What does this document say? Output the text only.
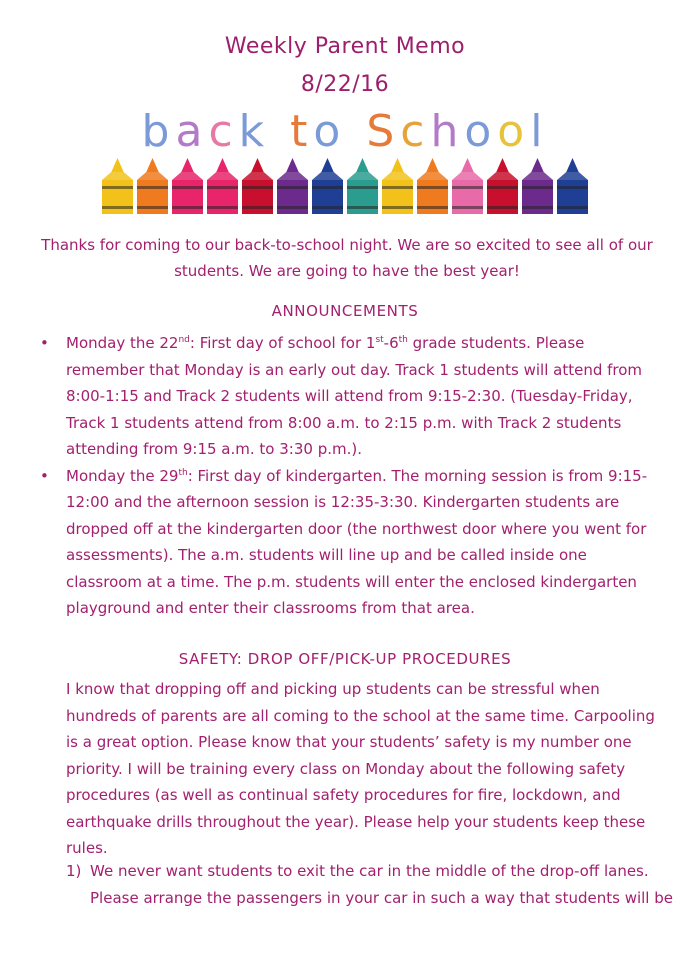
Weekly Parent Memo
8/22/16
back to School
Thanks for coming to our back-to-school night. We are so excited to see all of our students. We are going to have the best year!
ANNOUNCEMENTS
• Monday the 22nd: First day of school for 1st-6th grade students. Please remember that Monday is an early out day. Track 1 students will attend from 8:00-1:15 and Track 2 students will attend from 9:15-2:30. (Tuesday-Friday, Track 1 students attend from 8:00 a.m. to 2:15 p.m. with Track 2 students attending from 9:15 a.m. to 3:30 p.m.).
• Monday the 29th: First day of kindergarten. The morning session is from 9:15-12:00 and the afternoon session is 12:35-3:30. Kindergarten students are dropped off at the kindergarten door (the northwest door where you went for assessments). The a.m. students will line up and be called inside one classroom at a time. The p.m. students will enter the enclosed kindergarten playground and enter their classrooms from that area.
SAFETY: DROP OFF/PICK-UP PROCEDURES
I know that dropping off and picking up students can be stressful when hundreds of parents are all coming to the school at the same time. Carpooling is a great option. Please know that your students’ safety is my number one priority. I will be training every class on Monday about the following safety procedures (as well as continual safety procedures for fire, lockdown, and earthquake drills throughout the year). Please help your students keep these rules.
1) We never want students to exit the car in the middle of the drop-off lanes. Please arrange the passengers in your car in such a way that students will be
